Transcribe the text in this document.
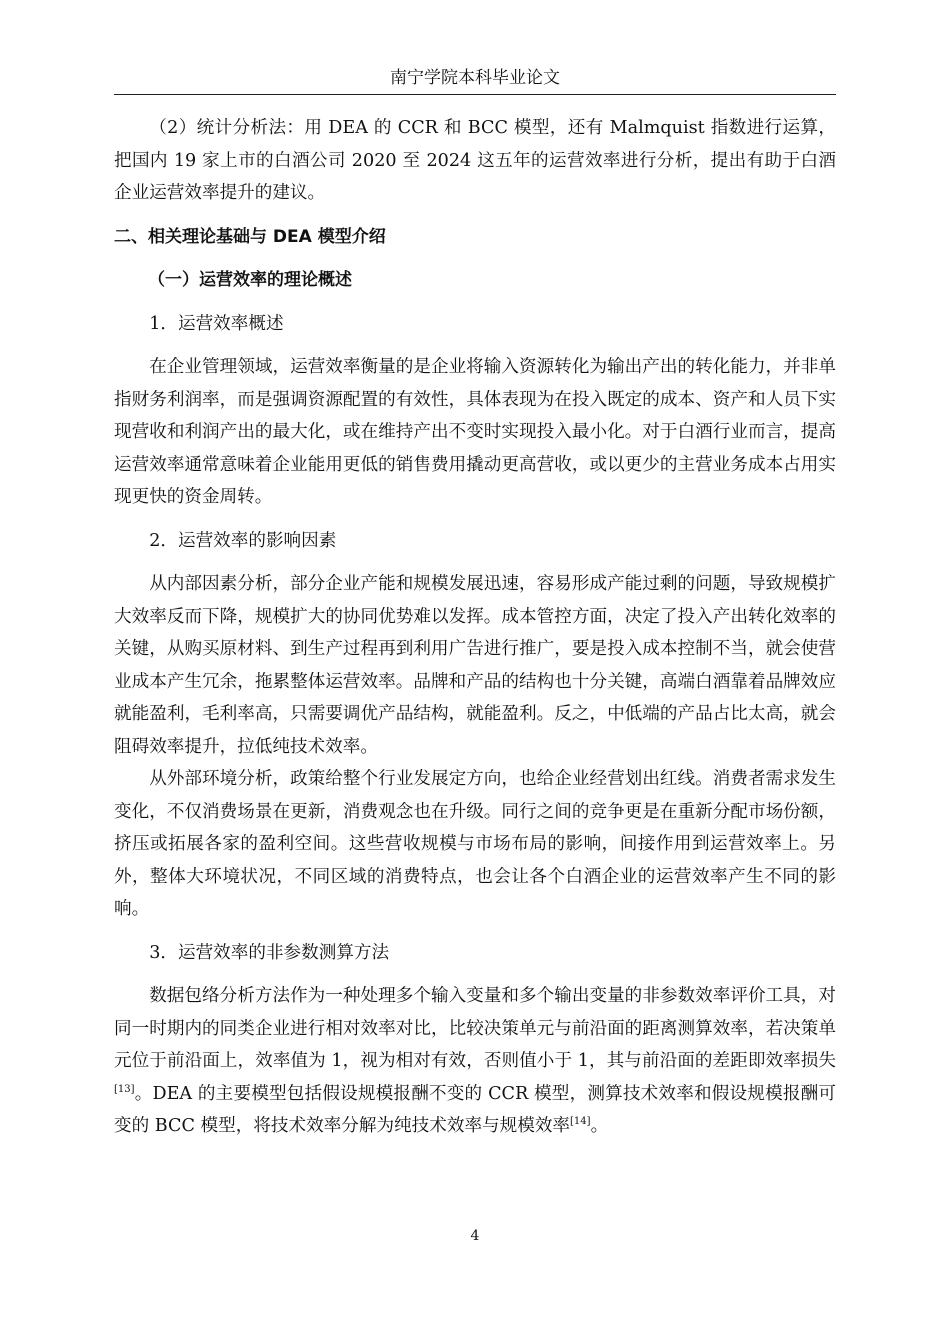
南宁学院本科毕业论文

（2）统计分析法：用 DEA 的 CCR 和 BCC 模型，还有 Malmquist 指数进行运算，把国内 19 家上市的白酒公司 2020 至 2024 这五年的运营效率进行分析，提出有助于白酒企业运营效率提升的建议。

二、相关理论基础与 DEA 模型介绍

（一）运营效率的理论概述

1．运营效率概述

在企业管理领域，运营效率衡量的是企业将输入资源转化为输出产出的转化能力，并非单指财务利润率，而是强调资源配置的有效性，具体表现为在投入既定的成本、资产和人员下实现营收和利润产出的最大化，或在维持产出不变时实现投入最小化。对于白酒行业而言，提高运营效率通常意味着企业能用更低的销售费用撬动更高营收，或以更少的主营业务成本占用实现更快的资金周转。

2．运营效率的影响因素

从内部因素分析，部分企业产能和规模发展迅速，容易形成产能过剩的问题，导致规模扩大效率反而下降，规模扩大的协同优势难以发挥。成本管控方面，决定了投入产出转化效率的关键，从购买原材料、到生产过程再到利用广告进行推广，要是投入成本控制不当，就会使营业成本产生冗余，拖累整体运营效率。品牌和产品的结构也十分关键，高端白酒靠着品牌效应就能盈利，毛利率高，只需要调优产品结构，就能盈利。反之，中低端的产品占比太高，就会阻碍效率提升，拉低纯技术效率。

从外部环境分析，政策给整个行业发展定方向，也给企业经营划出红线。消费者需求发生变化，不仅消费场景在更新，消费观念也在升级。同行之间的竞争更是在重新分配市场份额，挤压或拓展各家的盈利空间。这些营收规模与市场布局的影响，间接作用到运营效率上。另外，整体大环境状况，不同区域的消费特点，也会让各个白酒企业的运营效率产生不同的影响。

3．运营效率的非参数测算方法

数据包络分析方法作为一种处理多个输入变量和多个输出变量的非参数效率评价工具，对同一时期内的同类企业进行相对效率对比，比较决策单元与前沿面的距离测算效率，若决策单元位于前沿面上，效率值为 1，视为相对有效，否则值小于 1，其与前沿面的差距即效率损失[13]。DEA 的主要模型包括假设规模报酬不变的 CCR 模型，测算技术效率和假设规模报酬可变的 BCC 模型，将技术效率分解为纯技术效率与规模效率[14]。

4
